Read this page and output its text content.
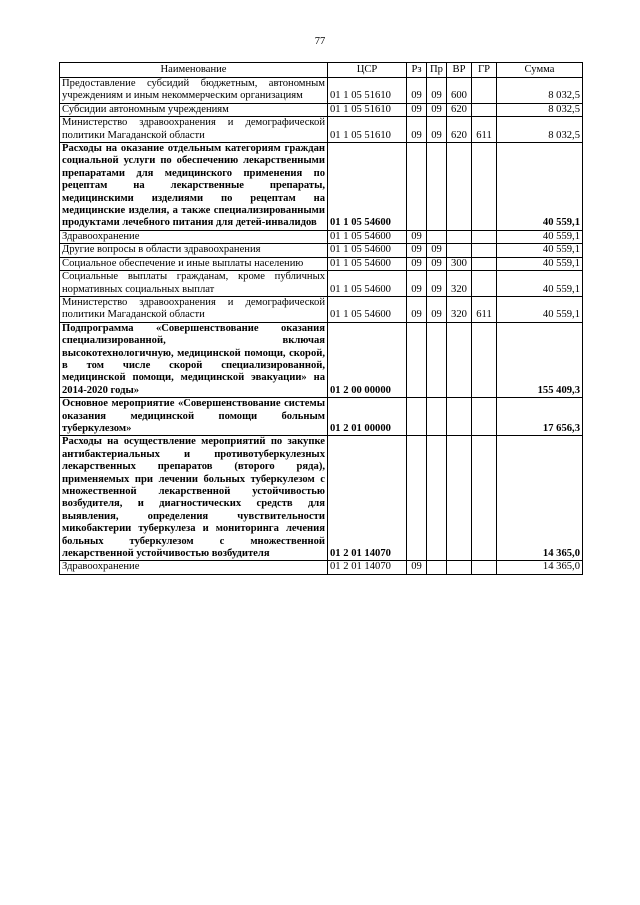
77
Наименование	ЦСР	Рз	Пр	ВР	ГР	Сумма
Предоставление субсидий бюджетным, автономным учреждениям и иным некоммерческим организациям	01 1 05 51610	09	09	600		8 032,5
Субсидии автономным учреждениям	01 1 05 51610	09	09	620		8 032,5
Министерство здравоохранения и демографической политики Магаданской области	01 1 05 51610	09	09	620	611	8 032,5
Расходы на оказание отдельным категориям граждан социальной услуги по обеспечению лекарственными препаратами для медицинского применения по рецептам на лекарственные препараты, медицинскими изделиями по рецептам на медицинские изделия, а также специализированными продуктами лечебного питания для детей-инвалидов	01 1 05 54600					40 559,1
Здравоохранение	01 1 05 54600	09				40 559,1
Другие вопросы в области здравоохранения	01 1 05 54600	09	09			40 559,1
Социальное обеспечение и иные выплаты населению	01 1 05 54600	09	09	300		40 559,1
Социальные выплаты гражданам, кроме публичных нормативных социальных выплат	01 1 05 54600	09	09	320		40 559,1
Министерство здравоохранения и демографической политики Магаданской области	01 1 05 54600	09	09	320	611	40 559,1
Подпрограмма «Совершенствование оказания специализированной, включая высокотехнологичную, медицинской помощи, скорой, в том числе скорой специализированной, медицинской помощи, медицинской эвакуации» на 2014-2020 годы»	01 2 00 00000					155 409,3
Основное мероприятие «Совершенствование системы оказания медицинской помощи больным туберкулезом»	01 2 01 00000					17 656,3
Расходы на осуществление мероприятий по закупке антибактериальных и противотуберкулезных лекарственных препаратов (второго ряда), применяемых при лечении больных туберкулезом с множественной лекарственной устойчивостью возбудителя, и диагностических средств для выявления, определения чувствительности микобактерии туберкулеза и мониторинга лечения больных туберкулезом с множественной лекарственной устойчивостью возбудителя	01 2 01 14070					14 365,0
Здравоохранение	01 2 01 14070	09				14 365,0
